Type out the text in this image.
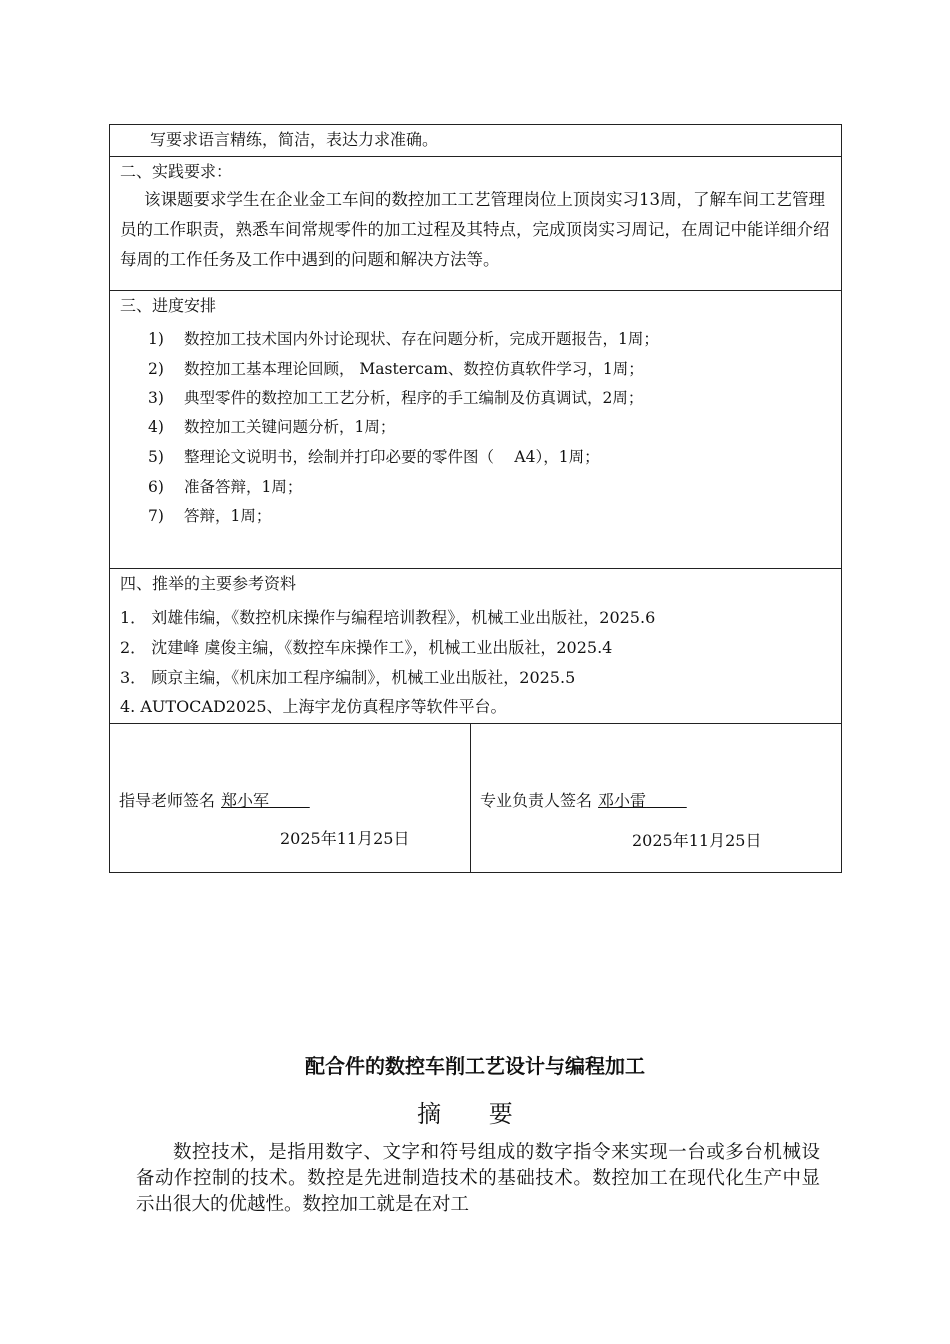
写要求语言精练，简洁，表达力求准确。
二、实践要求：
该课题要求学生在企业金工车间的数控加工工艺管理岗位上顶岗实习13周，了解车间工艺管理员的工作职责，熟悉车间常规零件的加工过程及其特点，完成顶岗实习周记，在周记中能详细介绍每周的工作任务及工作中遇到的问题和解决方法等。
三、进度安排
1) 数控加工技术国内外讨论现状、存在问题分析，完成开题报告，1周；
2) 数控加工基本理论回顾， Mastercam、数控仿真软件学习，1周；
3) 典型零件的数控加工工艺分析，程序的手工编制及仿真调试，2周；
4) 数控加工关键问题分析，1周；
5) 整理论文说明书，绘制并打印必要的零件图（　 A4），1周；
6) 准备答辩，1周；
7) 答辩，1周；
四、推举的主要参考资料
1． 刘雄伟编，《数控机床操作与编程培训教程》，机械工业出版社，2025.6
2． 沈建峰 虞俊主编，《数控车床操作工》，机械工业出版社，2025.4
3． 顾京主编，《机床加工程序编制》，机械工业出版社，2025.5
4. AUTOCAD2025、上海宇龙仿真程序等软件平台。
指导老师签名 郑小军    
2025年11月25日
专业负责人签名 邓小雷    
2025年11月25日
配合件的数控车削工艺设计与编程加工
摘 要
数控技术，是指用数字、文字和符号组成的数字指令来实现一台或多台机械设备动作控制的技术。数控是先进制造技术的基础技术。数控加工在现代化生产中显示出很大的优越性。数控加工就是在对工
